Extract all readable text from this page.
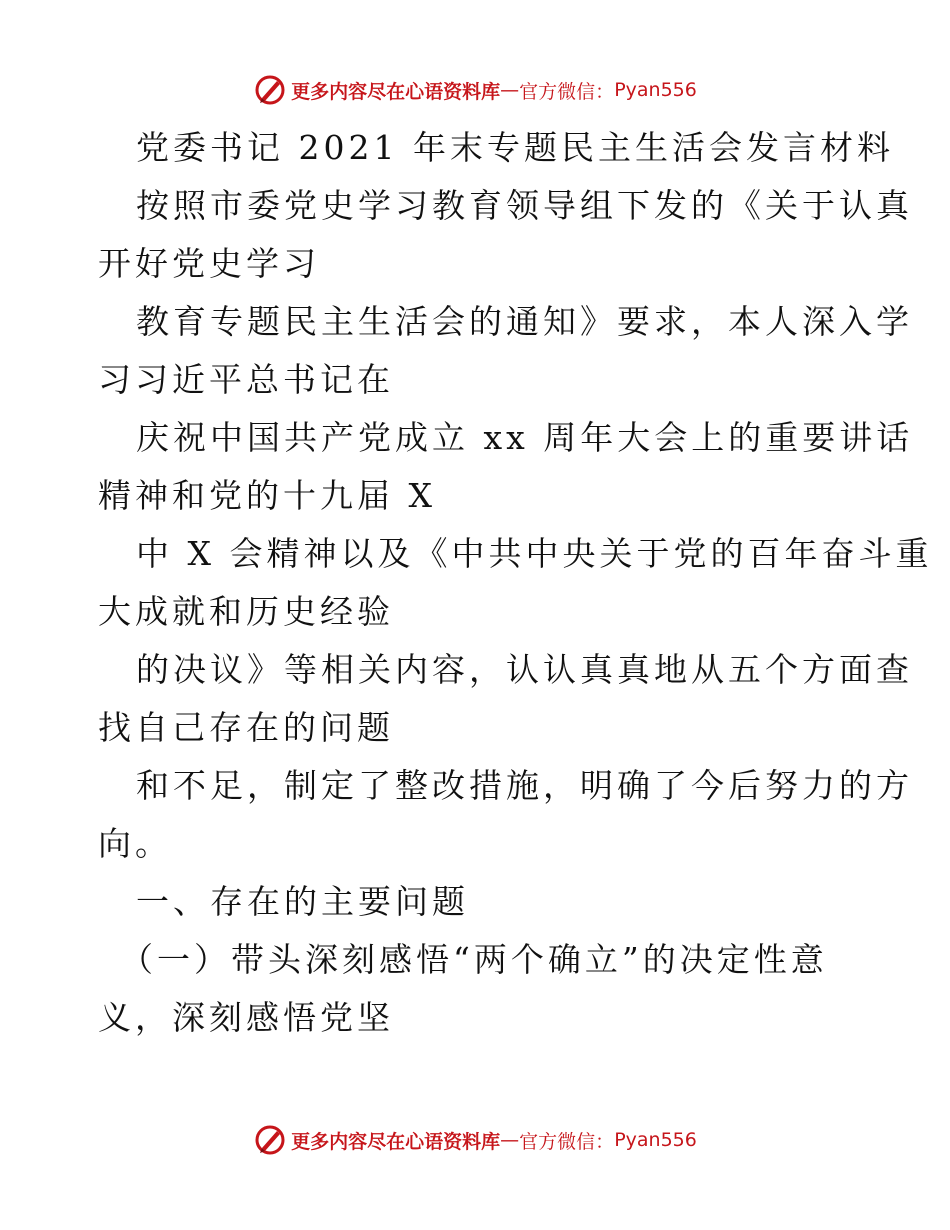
更多内容尽在心语资料库 — 官方微信： Pyan556
党委书记 2021 年末专题民主生活会发言材料
按照市委党史学习教育领导组下发的《关于认真
开好党史学习
教育专题民主生活会的通知》要求，本人深入学
习习近平总书记在
庆祝中国共产党成立 xx 周年大会上的重要讲话
精神和党的十九届 X
中 X 会精神以及《中共中央关于党的百年奋斗重
大成就和历史经验
的决议》等相关内容，认认真真地从五个方面查
找自己存在的问题
和不足，制定了整改措施，明确了今后努力的方
向。
一、存在的主要问题
（一）带头深刻感悟“两个确立”的决定性意
义，深刻感悟党坚
更多内容尽在心语资料库 — 官方微信： Pyan556
